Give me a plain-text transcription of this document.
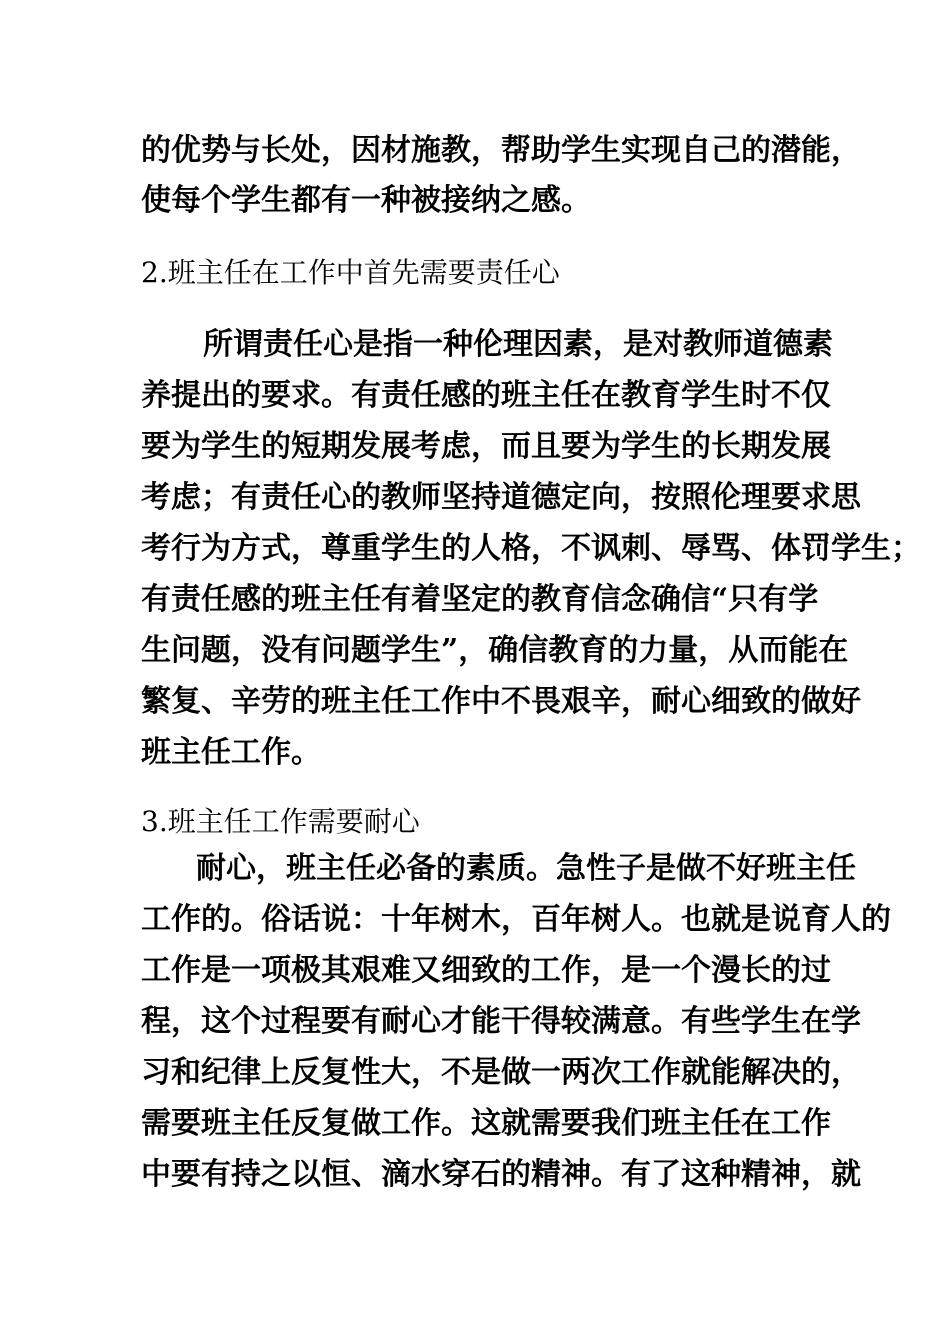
的优势与长处，因材施教，帮助学生实现自己的潜能，
使每个学生都有一种被接纳之感。
2.班主任在工作中首先需要责任心
所谓责任心是指一种伦理因素，是对教师道德素
养提出的要求。有责任感的班主任在教育学生时不仅
要为学生的短期发展考虑，而且要为学生的长期发展
考虑；有责任心的教师坚持道德定向，按照伦理要求思
考行为方式，尊重学生的人格，不讽刺、辱骂、体罚学生；
有责任感的班主任有着坚定的教育信念确信“只有学
生问题，没有问题学生”，确信教育的力量，从而能在
繁复、辛劳的班主任工作中不畏艰辛，耐心细致的做好
班主任工作。
3.班主任工作需要耐心
耐心，班主任必备的素质。急性子是做不好班主任
工作的。俗话说：十年树木，百年树人。也就是说育人的
工作是一项极其艰难又细致的工作，是一个漫长的过
程，这个过程要有耐心才能干得较满意。有些学生在学
习和纪律上反复性大，不是做一两次工作就能解决的，
需要班主任反复做工作。这就需要我们班主任在工作
中要有持之以恒、滴水穿石的精神。有了这种精神，就
